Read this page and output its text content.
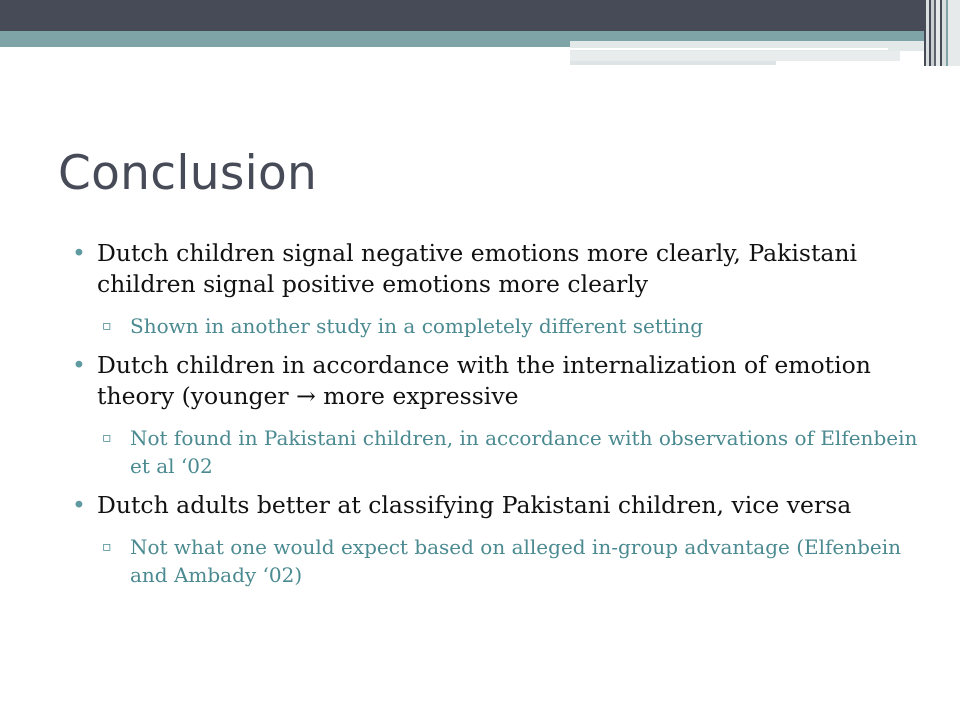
Conclusion
• Dutch children signal negative emotions more clearly, Pakistani children signal positive emotions more clearly
▫ Shown in another study in a completely different setting
• Dutch children in accordance with the internalization of emotion theory (younger → more expressive
▫ Not found in Pakistani children, in accordance with observations of Elfenbein et al ‘02
• Dutch adults better at classifying Pakistani children, vice versa
▫ Not what one would expect based on alleged in-group advantage (Elfenbein and Ambady ‘02)
